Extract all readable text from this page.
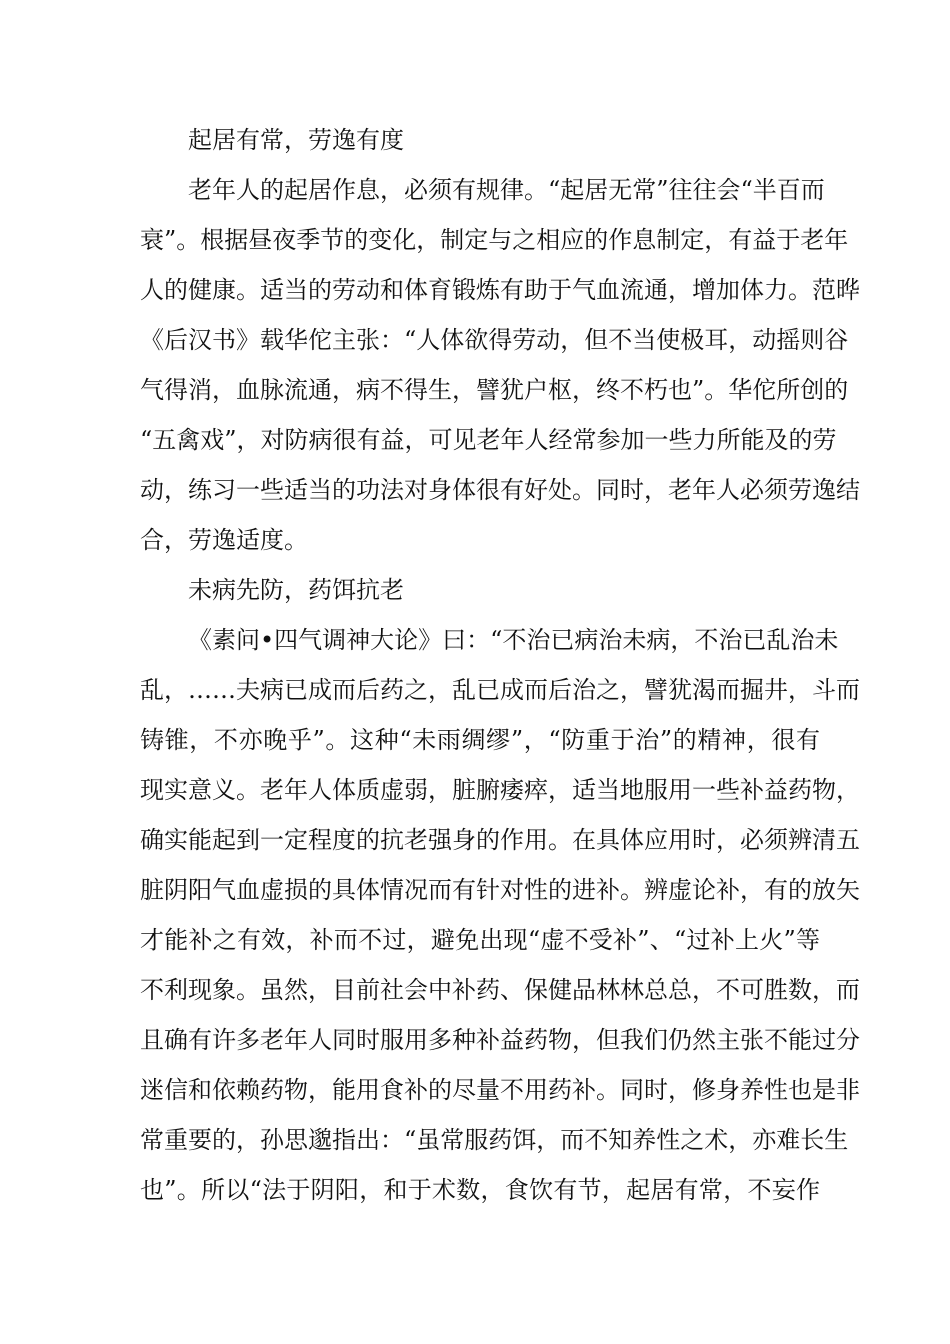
起居有常，劳逸有度
老年人的起居作息，必须有规律。“起居无常”往往会“半百而
衰”。根据昼夜季节的变化，制定与之相应的作息制定，有益于老年
人的健康。适当的劳动和体育锻炼有助于气血流通，增加体力。范晔
《后汉书》载华佗主张：“人体欲得劳动，但不当使极耳，动摇则谷
气得消，血脉流通，病不得生，譬犹户枢，终不朽也”。华佗所创的
“五禽戏”，对防病很有益，可见老年人经常参加一些力所能及的劳
动，练习一些适当的功法对身体很有好处。同时，老年人必须劳逸结
合，劳逸适度。
未病先防，药饵抗老
《素问•四气调神大论》曰：“不治已病治未病，不治已乱治未
乱，……夫病已成而后药之，乱已成而后治之，譬犹渴而掘井，斗而
铸锥，不亦晚乎”。这种“未雨绸缪”，“防重于治”的精神，很有
现实意义。老年人体质虚弱，脏腑痿瘁，适当地服用一些补益药物，
确实能起到一定程度的抗老强身的作用。在具体应用时，必须辨清五
脏阴阳气血虚损的具体情况而有针对性的进补。辨虚论补，有的放矢
才能补之有效，补而不过，避免出现“虚不受补”、“过补上火”等
不利现象。虽然，目前社会中补药、保健品林林总总，不可胜数，而
且确有许多老年人同时服用多种补益药物，但我们仍然主张不能过分
迷信和依赖药物，能用食补的尽量不用药补。同时，修身养性也是非
常重要的，孙思邈指出：“虽常服药饵，而不知养性之术，亦难长生
也”。所以“法于阴阳，和于术数，食饮有节，起居有常，不妄作
